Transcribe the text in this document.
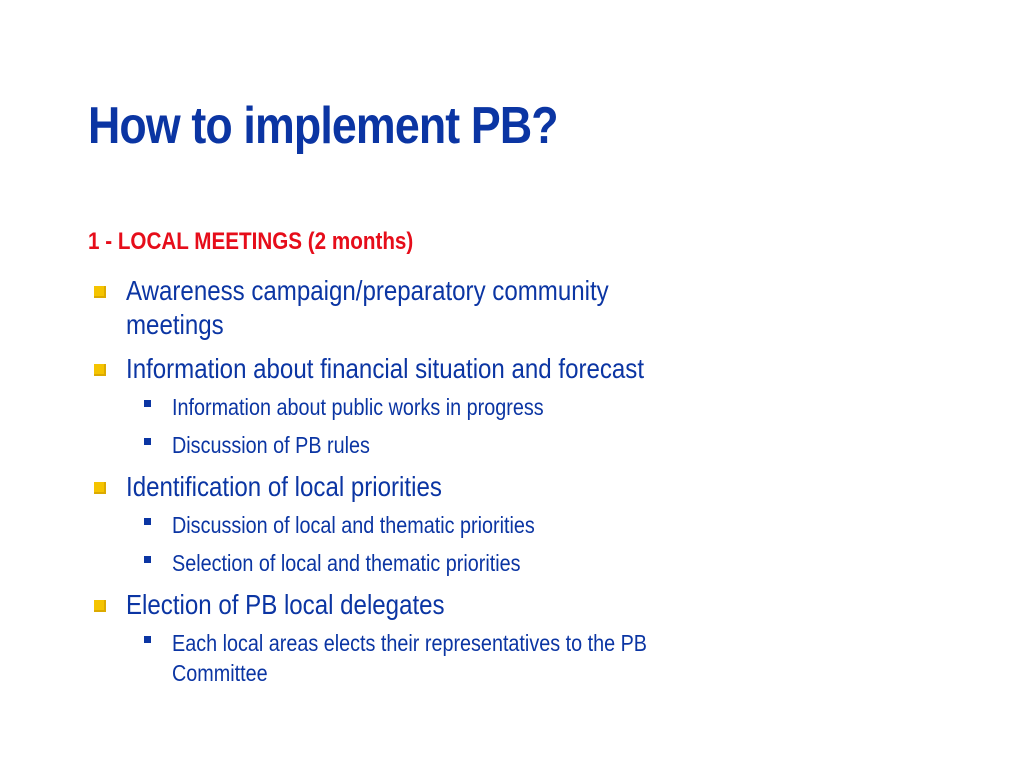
How to implement PB?
1 - LOCAL MEETINGS (2 months)
Awareness campaign/preparatory community meetings
Information about financial situation and forecast
Information about public works in progress
Discussion of PB rules
Identification of local priorities
Discussion of local and thematic priorities
Selection of local and thematic priorities
Election of PB local delegates
Each local areas elects their representatives to the PB Committee
